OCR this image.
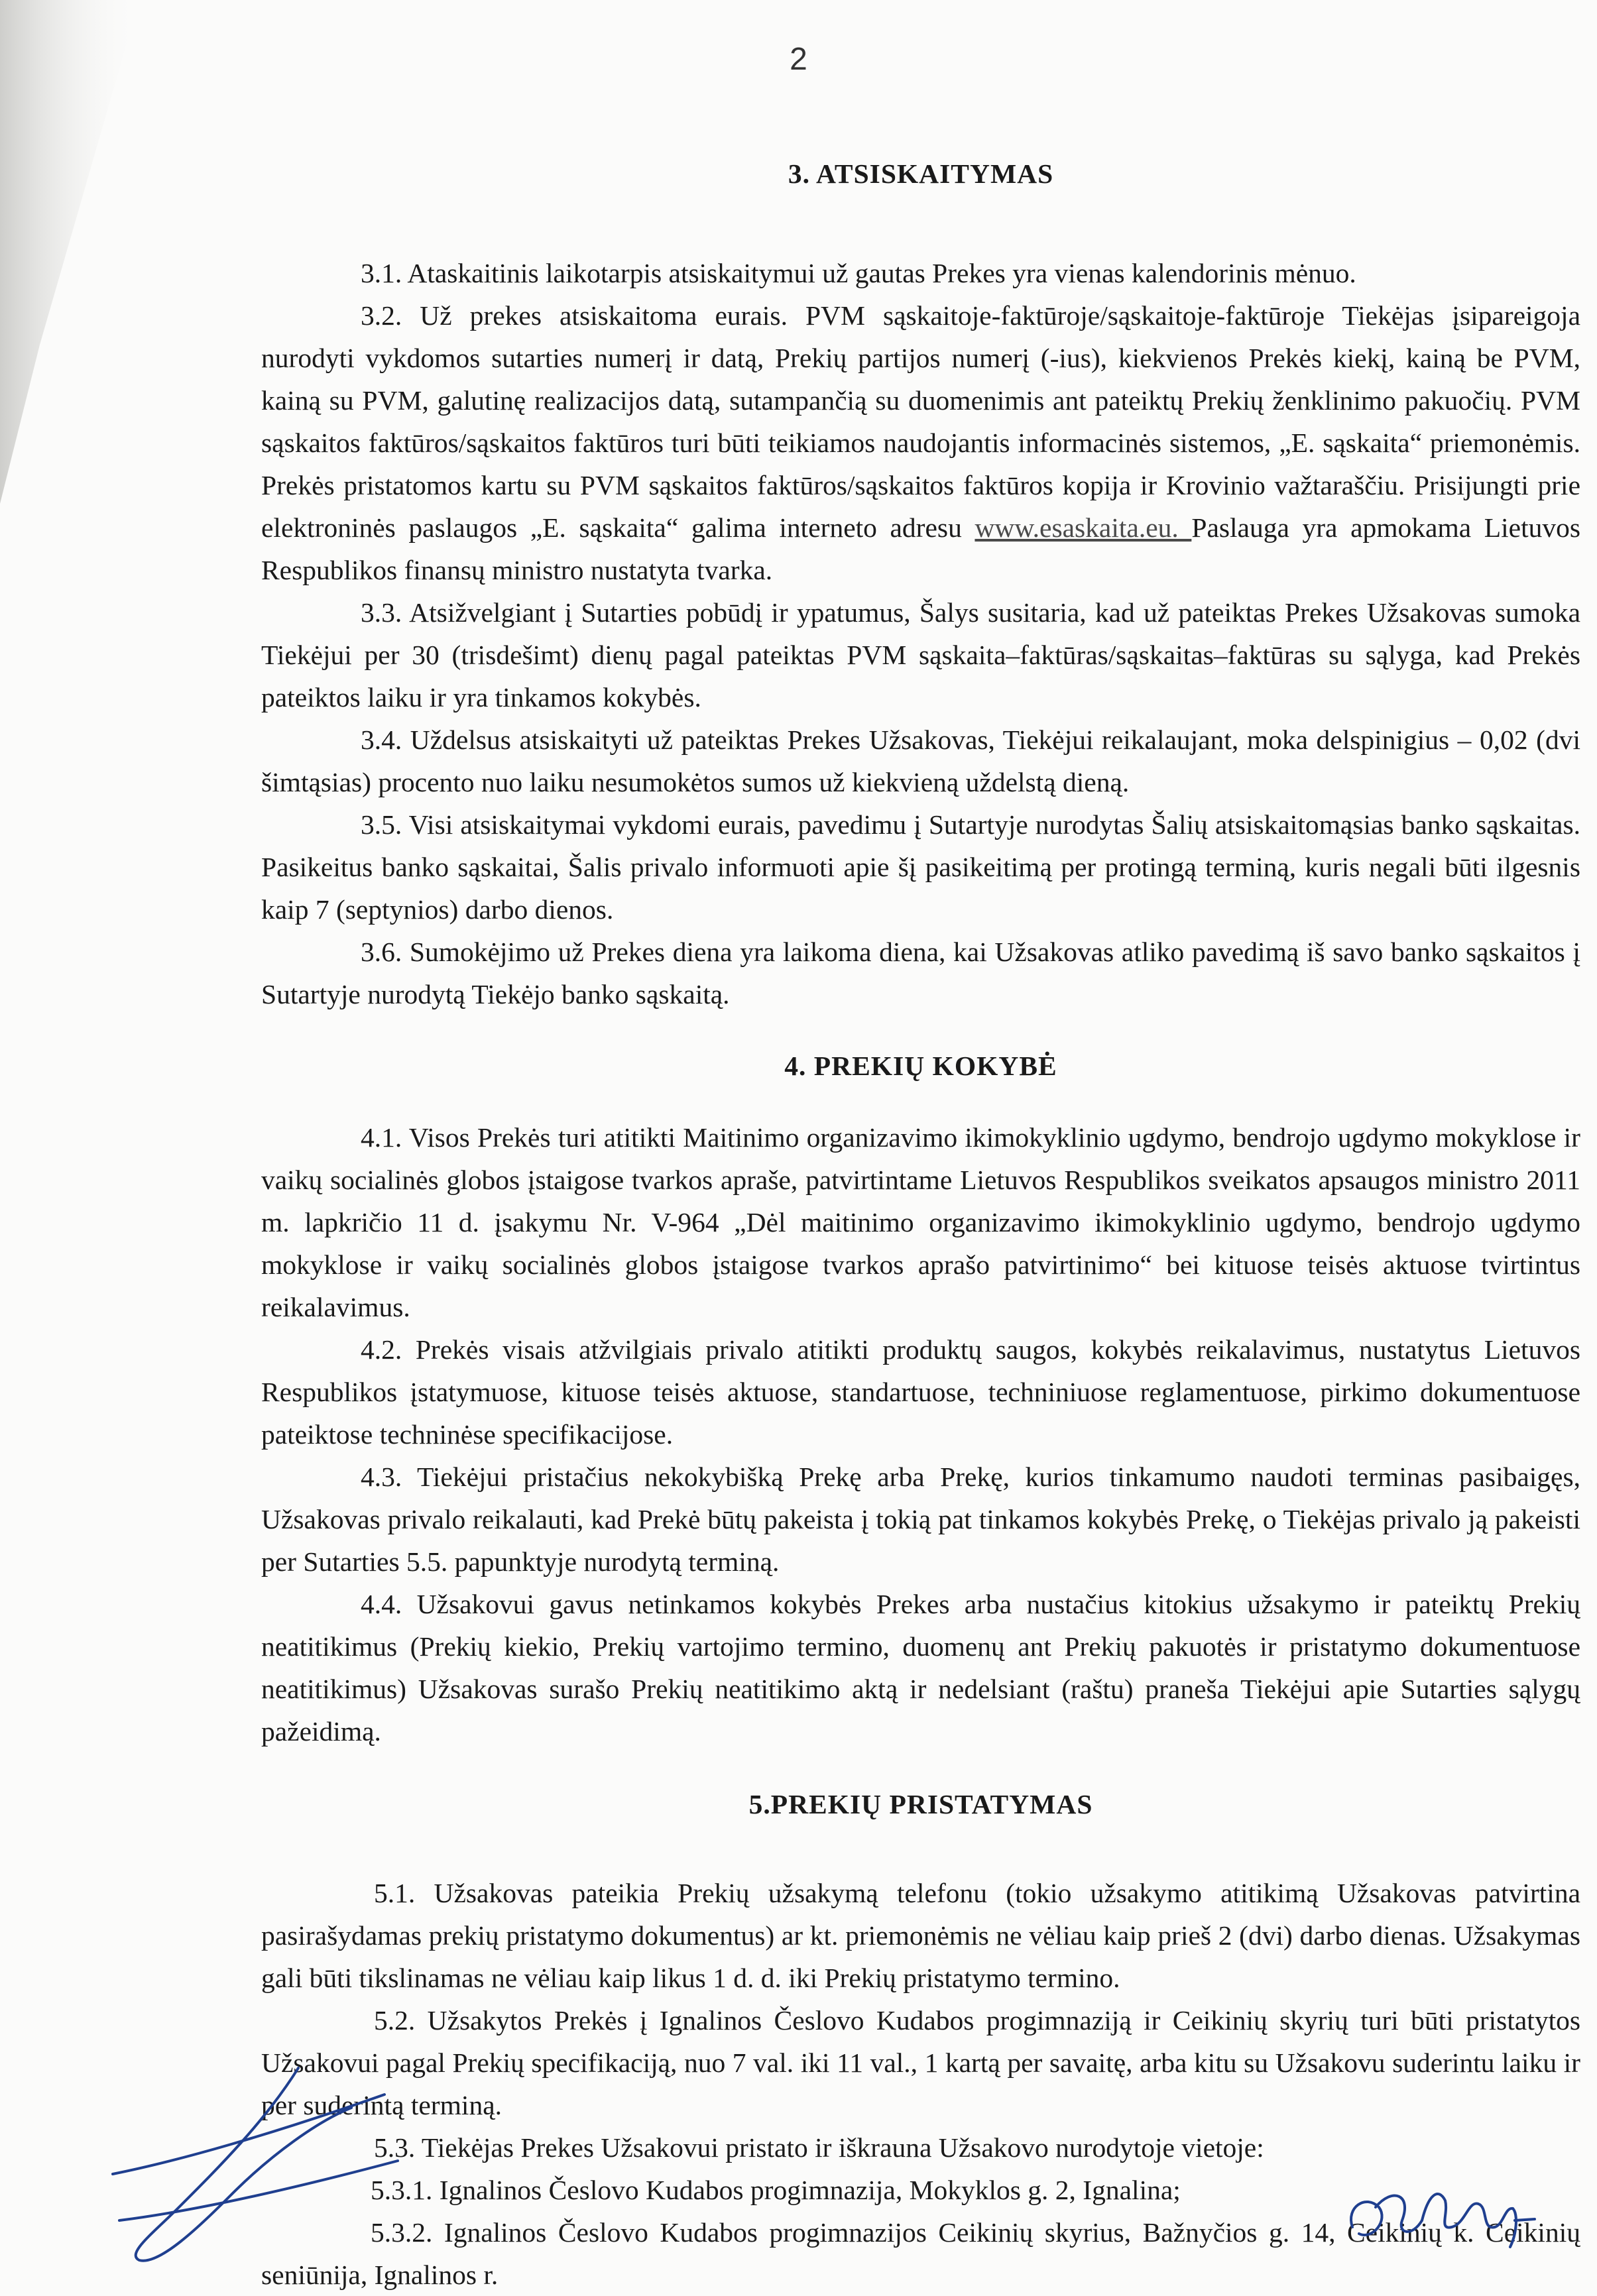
2
3. ATSISKAITYMAS

3.1. Ataskaitinis laikotarpis atsiskaitymui už gautas Prekes yra vienas kalendorinis mėnuo.

3.2. Už prekes atsiskaitoma eurais. PVM sąskaitoje-faktūroje/sąskaitoje-faktūroje Tiekėjas įsipareigoja nurodyti vykdomos sutarties numerį ir datą, Prekių partijos numerį (-ius), kiekvienos Prekės kiekį, kainą be PVM, kainą su PVM, galutinę realizacijos datą, sutampančią su duomenimis ant pateiktų Prekių ženklinimo pakuočių. PVM sąskaitos faktūros/sąskaitos faktūros turi būti teikiamos naudojantis informacinės sistemos, „E. sąskaita“ priemonėmis. Prekės pristatomos kartu su PVM sąskaitos faktūros/sąskaitos faktūros kopija ir Krovinio važtaraščiu. Prisijungti prie elektroninės paslaugos „E. sąskaita“ galima interneto adresu www.esaskaita.eu. Paslauga yra apmokama Lietuvos Respublikos finansų ministro nustatyta tvarka.

3.3. Atsižvelgiant į Sutarties pobūdį ir ypatumus, Šalys susitaria, kad už pateiktas Prekes Užsakovas sumoka Tiekėjui per 30 (trisdešimt) dienų pagal pateiktas PVM sąskaita–faktūras/sąskaitas–faktūras su sąlyga, kad Prekės pateiktos laiku ir yra tinkamos kokybės.

3.4. Uždelsus atsiskaityti už pateiktas Prekes Užsakovas, Tiekėjui reikalaujant, moka delspinigius – 0,02 (dvi šimtąsias) procento nuo laiku nesumokėtos sumos už kiekvieną uždelstą dieną.

3.5. Visi atsiskaitymai vykdomi eurais, pavedimu į Sutartyje nurodytas Šalių atsiskaitomąsias banko sąskaitas. Pasikeitus banko sąskaitai, Šalis privalo informuoti apie šį pasikeitimą per protingą terminą, kuris negali būti ilgesnis kaip 7 (septynios) darbo dienos.

3.6. Sumokėjimo už Prekes diena yra laikoma diena, kai Užsakovas atliko pavedimą iš savo banko sąskaitos į Sutartyje nurodytą Tiekėjo banko sąskaitą.

4. PREKIŲ KOKYBĖ

4.1. Visos Prekės turi atitikti Maitinimo organizavimo ikimokyklinio ugdymo, bendrojo ugdymo mokyklose ir vaikų socialinės globos įstaigose tvarkos apraše, patvirtintame Lietuvos Respublikos sveikatos apsaugos ministro 2011 m. lapkričio 11 d. įsakymu Nr. V-964 „Dėl maitinimo organizavimo ikimokyklinio ugdymo, bendrojo ugdymo mokyklose ir vaikų socialinės globos įstaigose tvarkos aprašo patvirtinimo“ bei kituose teisės aktuose tvirtintus reikalavimus.

4.2. Prekės visais atžvilgiais privalo atitikti produktų saugos, kokybės reikalavimus, nustatytus Lietuvos Respublikos įstatymuose, kituose teisės aktuose, standartuose, techniniuose reglamentuose, pirkimo dokumentuose pateiktose techninėse specifikacijose.

4.3. Tiekėjui pristačius nekokybišką Prekę arba Prekę, kurios tinkamumo naudoti terminas pasibaigęs, Užsakovas privalo reikalauti, kad Prekė būtų pakeista į tokią pat tinkamos kokybės Prekę, o Tiekėjas privalo ją pakeisti per Sutarties 5.5. papunktyje nurodytą terminą.

4.4. Užsakovui gavus netinkamos kokybės Prekes arba nustačius kitokius užsakymo ir pateiktų Prekių neatitikimus (Prekių kiekio, Prekių vartojimo termino, duomenų ant Prekių pakuotės ir pristatymo dokumentuose neatitikimus) Užsakovas surašo Prekių neatitikimo aktą ir nedelsiant (raštu) praneša Tiekėjui apie Sutarties sąlygų pažeidimą.

5.PREKIŲ PRISTATYMAS

5.1. Užsakovas pateikia Prekių užsakymą telefonu (tokio užsakymo atitikimą Užsakovas patvirtina pasirašydamas prekių pristatymo dokumentus) ar kt. priemonėmis ne vėliau kaip prieš 2 (dvi) darbo dienas. Užsakymas gali būti tikslinamas ne vėliau kaip likus 1 d. d. iki Prekių pristatymo termino.

5.2. Užsakytos Prekės į Ignalinos Česlovo Kudabos progimnaziją ir Ceikinių skyrių turi būti pristatytos Užsakovui pagal Prekių specifikaciją, nuo 7 val. iki 11 val., 1 kartą per savaitę, arba kitu su Užsakovu suderintu laiku ir per suderintą terminą.

5.3. Tiekėjas Prekes Užsakovui pristato ir iškrauna Užsakovo nurodytoje vietoje:

5.3.1. Ignalinos Česlovo Kudabos progimnazija, Mokyklos g. 2, Ignalina;

5.3.2. Ignalinos Česlovo Kudabos progimnazijos Ceikinių skyrius, Bažnyčios g. 14, Ceikinių k. Ceikinių seniūnija, Ignalinos r.
